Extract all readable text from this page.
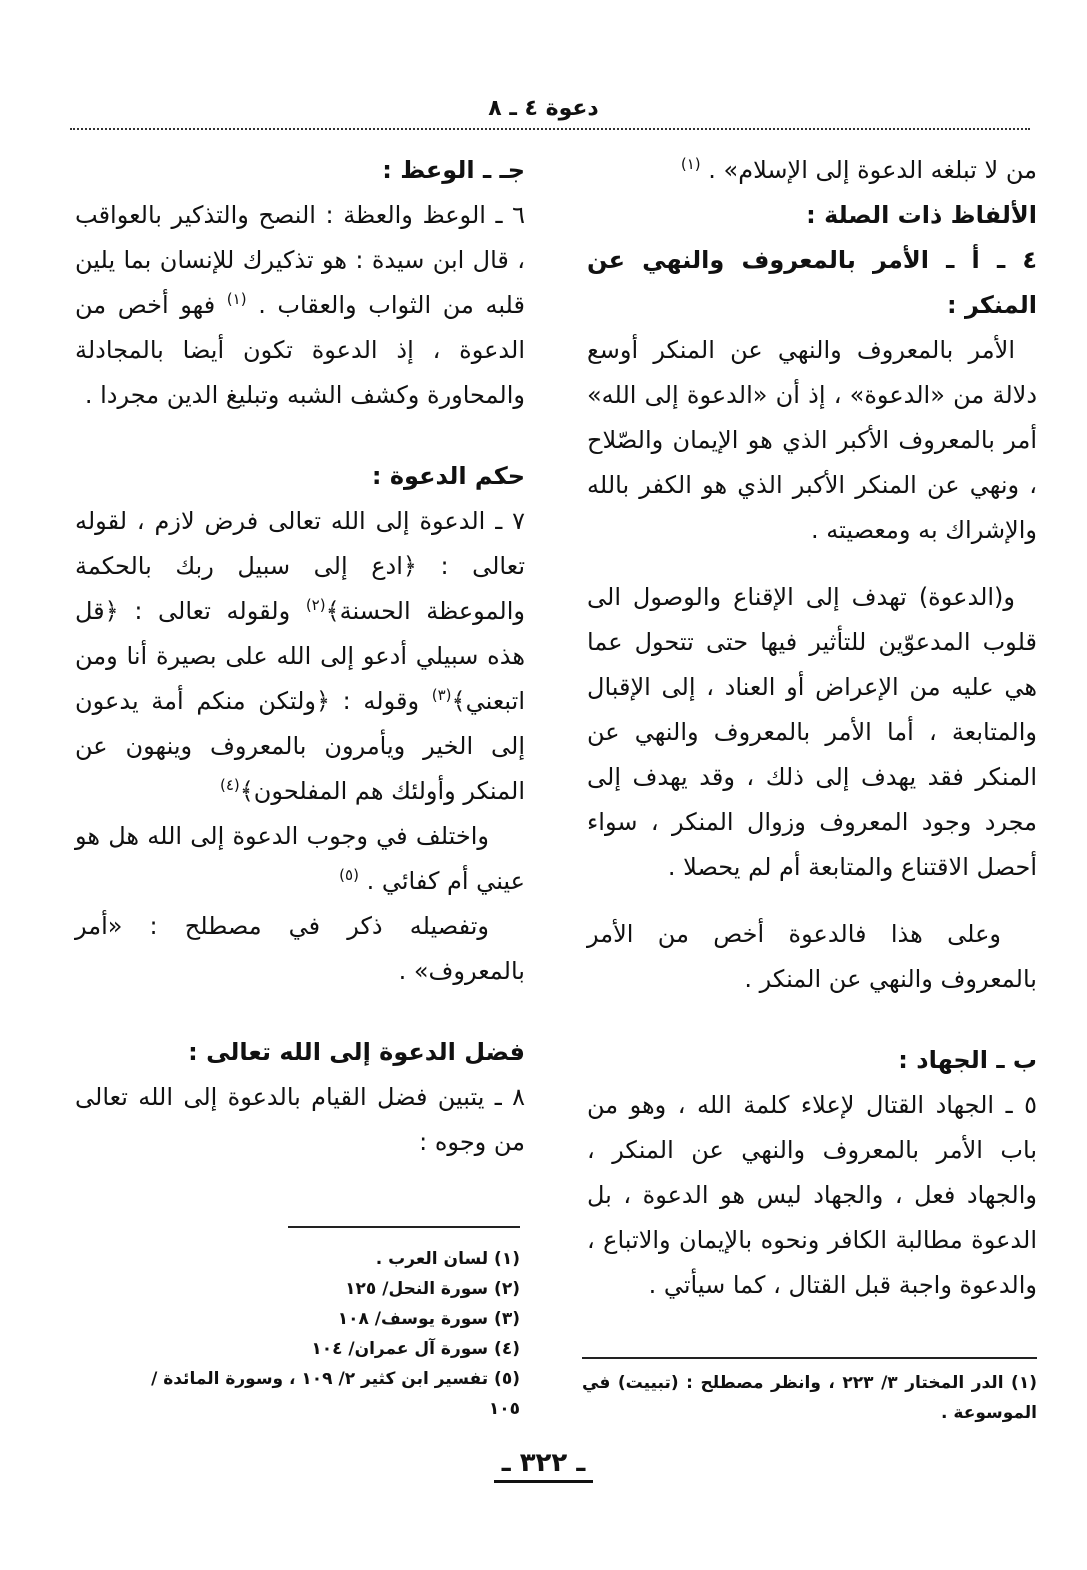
دعوة ٤ ـ ٨

من لا تبلغه الدعوة إلى الإسلام» . $^{(١)}$

الألفاظ ذات الصلة :

٤ ـ أ ـ الأمر بالمعروف والنهي عن المنكر :

الأمر بالمعروف والنهي عن المنكر أوسع دلالة من «الدعوة» ، إذ أن «الدعوة إلى الله» أمر بالمعروف الأكبر الذي هو الإيمان والصّلاح ، ونهي عن المنكر الأكبر الذي هو الكفر بالله والإشراك به ومعصيته .

و(الدعوة) تهدف إلى الإقناع والوصول الى قلوب المدعوّين للتأثير فيها حتى تتحول عما هي عليه من الإعراض أو العناد ، إلى الإقبال والمتابعة ، أما الأمر بالمعروف والنهي عن المنكر فقد يهدف إلى ذلك ، وقد يهدف إلى مجرد وجود المعروف وزوال المنكر ، سواء أحصل الاقتناع والمتابعة أم لم يحصلا .

وعلى هذا فالدعوة أخص من الأمر بالمعروف والنهي عن المنكر .

ب ـ الجهاد :

٥ ـ الجهاد القتال لإعلاء كلمة الله ، وهو من باب الأمر بالمعروف والنهي عن المنكر ، والجهاد فعل ، والجهاد ليس هو الدعوة ، بل الدعوة مطالبة الكافر ونحوه بالإيمان والاتباع ، والدعوة واجبة قبل القتال ، كما سيأتي .

جـ ـ الوعظ :

٦ ـ الوعظ والعظة : النصح والتذكير بالعواقب ، قال ابن سيدة : هو تذكيرك للإنسان بما يلين قلبه من الثواب والعقاب . $^{(١)}$ فهو أخص من الدعوة ، إذ الدعوة تكون أيضا بالمجادلة والمحاورة وكشف الشبه وتبليغ الدين مجردا .

حكم الدعوة :

٧ ـ الدعوة إلى الله تعالى فرض لازم ، لقوله تعالى : ﴿ادع إلى سبيل ربك بالحكمة والموعظة الحسنة﴾$^{(٢)}$ ولقوله تعالى : ﴿قل هذه سبيلي أدعو إلى الله على بصيرة أنا ومن اتبعني﴾$^{(٣)}$ وقوله : ﴿ولتكن منكم أمة يدعون إلى الخير ويأمرون بالمعروف وينهون عن المنكر وأولئك هم المفلحون﴾$^{(٤)}$

واختلف في وجوب الدعوة إلى الله هل هو عيني أم كفائي . $^{(٥)}$

وتفصيله ذكر في مصطلح : «أمر بالمعروف» .

فضل الدعوة إلى الله تعالى :

٨ ـ يتبين فضل القيام بالدعوة إلى الله تعالى من وجوه :

(١) لسان العرب .

(٢) سورة النحل/ ١٢٥

(٣) سورة يوسف/ ١٠٨

(٤) سورة آل عمران/ ١٠٤

(٥) تفسير ابن كثير ٢/ ١٠٩ ، وسورة المائدة / ١٠٥

(١) الدر المختار ٣/ ٢٢٣ ، وانظر مصطلح : (تبييت) في الموسوعة .

ـ ٣٢٢ ـ
